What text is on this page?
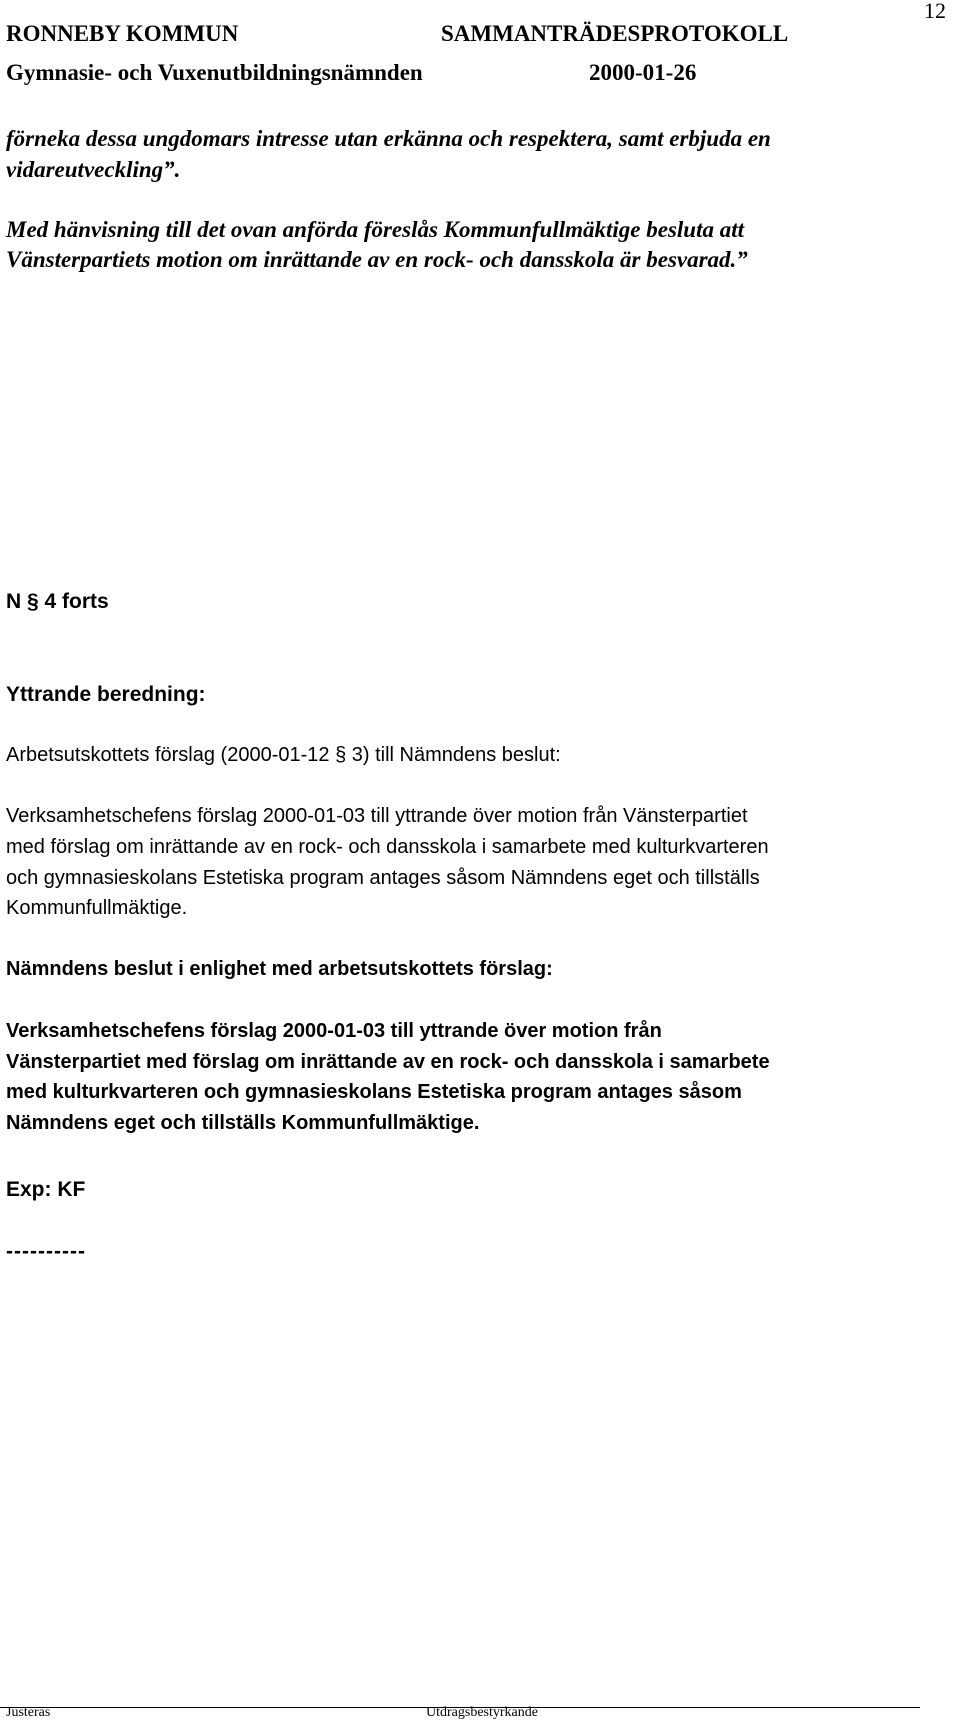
RONNEBY KOMMUN	SAMMANTRÄDESPROTOKOLL
12
Gymnasie- och Vuxenutbildningsnämnden	2000-01-26
förneka dessa ungdomars intresse utan erkänna och respektera, samt erbjuda en
vidareutveckling”.
Med hänvisning till det ovan anförda föreslås Kommunfullmäktige besluta att
Vänsterpartiets motion om inrättande av en rock- och dansskola är besvarad.”
N § 4 forts
Yttrande beredning:
Arbetsutskottets förslag (2000-01-12 § 3) till Nämndens beslut:
Verksamhetschefens förslag 2000-01-03 till yttrande över motion från Vänsterpartiet
med förslag om inrättande av en rock- och dansskola i samarbete med kulturkvarteren
och gymnasieskolans Estetiska program antages såsom Nämndens eget och tillställs
Kommunfullmäktige.
Nämndens beslut i enlighet med arbetsutskottets förslag:
Verksamhetschefens förslag 2000-01-03 till yttrande över motion från
Vänsterpartiet med förslag om inrättande av en rock- och dansskola i samarbete
med kulturkvarteren och gymnasieskolans Estetiska program antages såsom
Nämndens eget och tillställs Kommunfullmäktige.
Exp: KF
----------
Justeras	Utdragsbestyrkande
